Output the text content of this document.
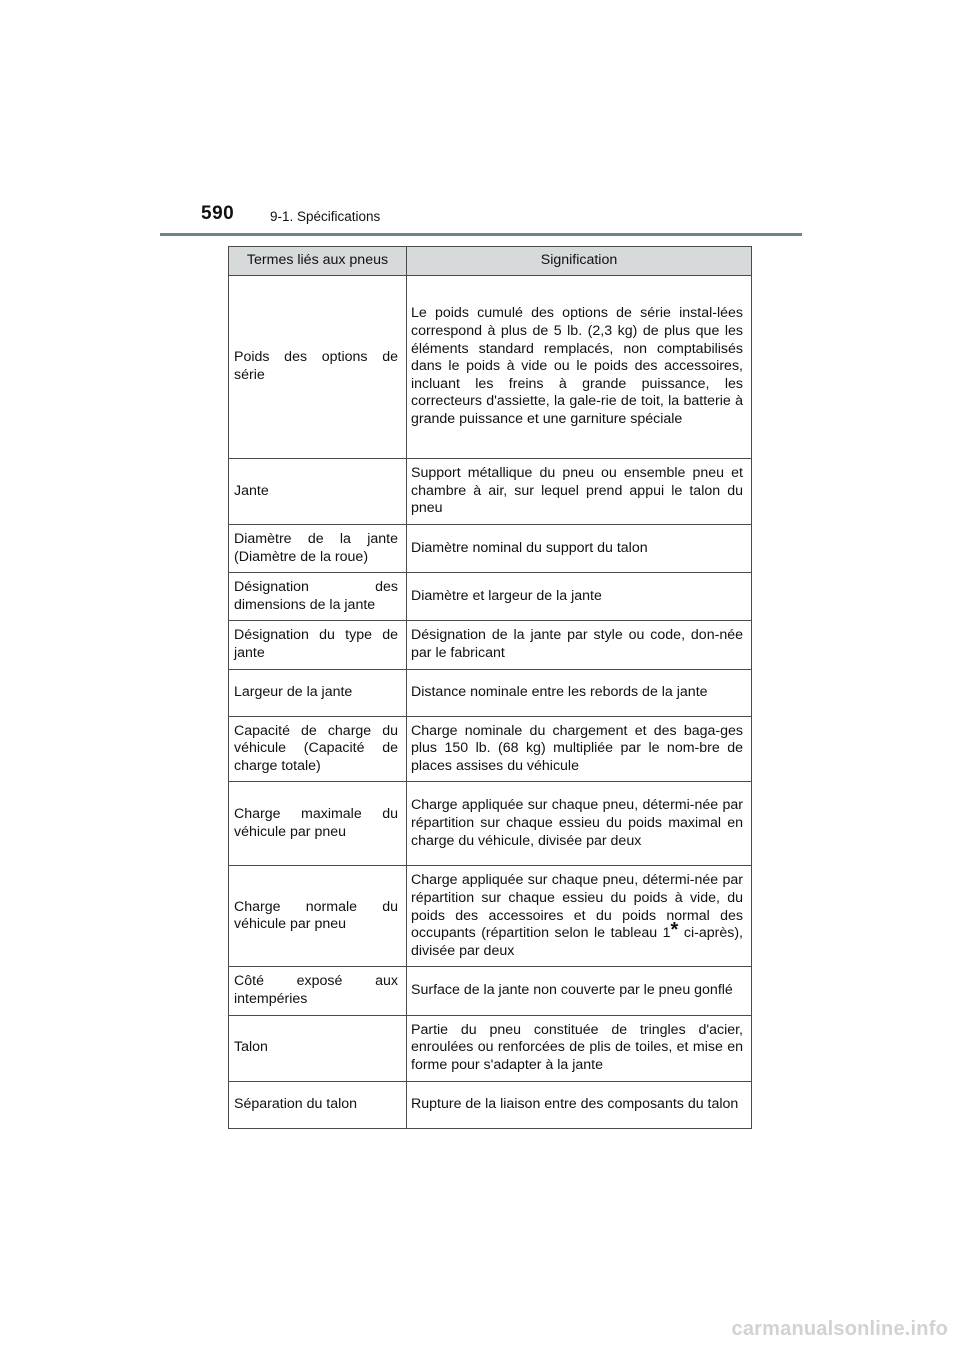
590	9-1. Spécifications
Termes liés aux pneus	Signification
Poids des options de série	Le poids cumulé des options de série instal-lées correspond à plus de 5 lb. (2,3 kg) de plus que les éléments standard remplacés, non comptabilisés dans le poids à vide ou le poids des accessoires, incluant les freins à grande puissance, les correcteurs d'assiette, la gale-rie de toit, la batterie à grande puissance et une garniture spéciale
Jante	Support métallique du pneu ou ensemble pneu et chambre à air, sur lequel prend appui le talon du pneu
Diamètre de la jante (Diamètre de la roue)	Diamètre nominal du support du talon
Désignation des dimensions de la jante	Diamètre et largeur de la jante
Désignation du type de jante	Désignation de la jante par style ou code, don-née par le fabricant
Largeur de la jante	Distance nominale entre les rebords de la jante
Capacité de charge du véhicule (Capacité de charge totale)	Charge nominale du chargement et des baga-ges plus 150 lb. (68 kg) multipliée par le nom-bre de places assises du véhicule
Charge maximale du véhicule par pneu	Charge appliquée sur chaque pneu, détermi-née par répartition sur chaque essieu du poids maximal en charge du véhicule, divisée par deux
Charge normale du véhicule par pneu	Charge appliquée sur chaque pneu, détermi-née par répartition sur chaque essieu du poids à vide, du poids des accessoires et du poids normal des occupants (répartition selon le tableau 1* ci-après), divisée par deux
Côté exposé aux intempéries	Surface de la jante non couverte par le pneu gonflé
Talon	Partie du pneu constituée de tringles d'acier, enroulées ou renforcées de plis de toiles, et mise en forme pour s'adapter à la jante
Séparation du talon	Rupture de la liaison entre des composants du talon
carmanualsonline.info
